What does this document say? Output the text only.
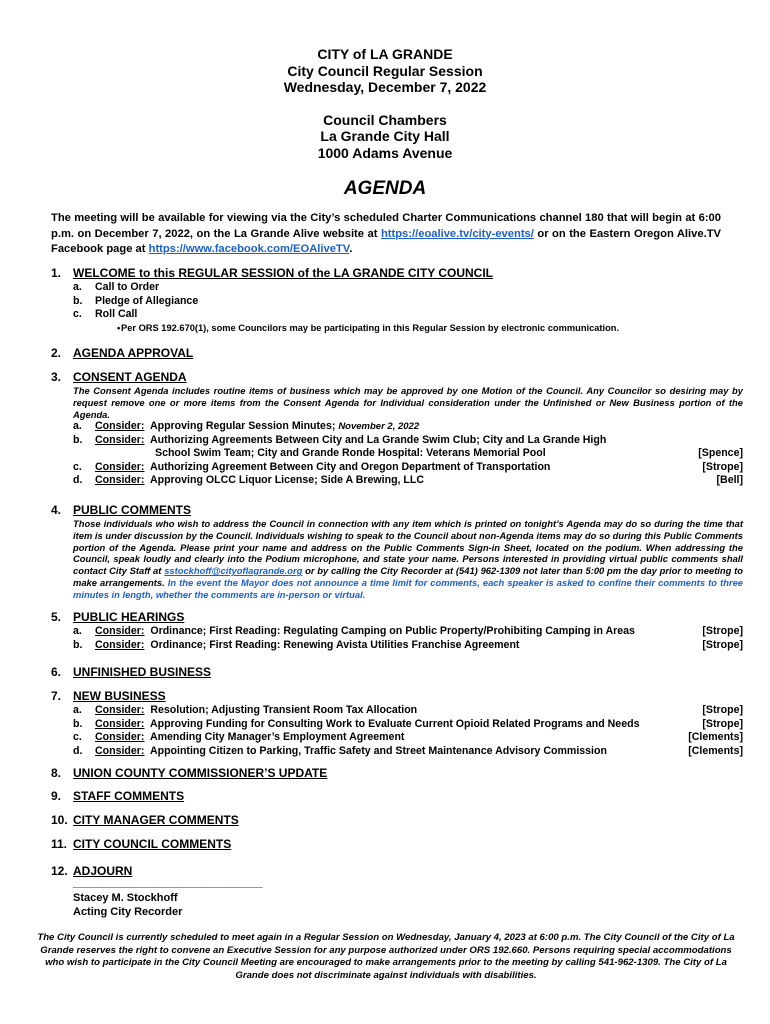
CITY of LA GRANDE
City Council Regular Session
Wednesday, December 7, 2022
Council Chambers
La Grande City Hall
1000 Adams Avenue
AGENDA
The meeting will be available for viewing via the City’s scheduled Charter Communications channel 180 that will begin at 6:00 p.m. on December 7, 2022, on the La Grande Alive website at https://eoalive.tv/city-events/ or on the Eastern Oregon Alive.TV Facebook page at https://www.facebook.com/EOAliveTV.
1. WELCOME to this REGULAR SESSION of the LA GRANDE CITY COUNCIL
a. Call to Order
b. Pledge of Allegiance
c. Roll Call
• Per ORS 192.670(1), some Councilors may be participating in this Regular Session by electronic communication.
2. AGENDA APPROVAL
3. CONSENT AGENDA
The Consent Agenda includes routine items of business which may be approved by one Motion of the Council. Any Councilor so desiring may by request remove one or more items from the Consent Agenda for Individual consideration under the Unfinished or New Business portion of the Agenda.
a. Consider: Approving Regular Session Minutes; November 2, 2022
b. Consider: Authorizing Agreements Between City and La Grande Swim Club; City and La Grande High
School Swim Team; City and Grande Ronde Hospital: Veterans Memorial Pool	[Spence]
c. Consider: Authorizing Agreement Between City and Oregon Department of Transportation	[Strope]
d. Consider: Approving OLCC Liquor License; Side A Brewing, LLC	[Bell]
4. PUBLIC COMMENTS
Those individuals who wish to address the Council in connection with any item which is printed on tonight’s Agenda may do so during the time that item is under discussion by the Council. Individuals wishing to speak to the Council about non-Agenda items may do so during this Public Comments portion of the Agenda. Please print your name and address on the Public Comments Sign-in Sheet, located on the podium. When addressing the Council, speak loudly and clearly into the Podium microphone, and state your name. Persons interested in providing virtual public comments shall contact City Staff at sstockhoff@cityoflagrande.org or by calling the City Recorder at (541) 962-1309 not later than 5:00 pm the day prior to meeting to make arrangements. In the event the Mayor does not announce a time limit for comments, each speaker is asked to confine their comments to three minutes in length, whether the comments are in-person or virtual.
5. PUBLIC HEARINGS
a. Consider: Ordinance; First Reading: Regulating Camping on Public Property/Prohibiting Camping in Areas	[Strope]
b. Consider: Ordinance; First Reading: Renewing Avista Utilities Franchise Agreement	[Strope]
6. UNFINISHED BUSINESS
7. NEW BUSINESS
a. Consider: Resolution; Adjusting Transient Room Tax Allocation	[Strope]
b. Consider: Approving Funding for Consulting Work to Evaluate Current Opioid Related Programs and Needs	[Strope]
c. Consider: Amending City Manager’s Employment Agreement	[Clements]
d. Consider: Appointing Citizen to Parking, Traffic Safety and Street Maintenance Advisory Commission	[Clements]
8. UNION COUNTY COMMISSIONER’S UPDATE
9. STAFF COMMENTS
10. CITY MANAGER COMMENTS
11. CITY COUNCIL COMMENTS
12. ADJOURN
_______________________________
Stacey M. Stockhoff
Acting City Recorder
The City Council is currently scheduled to meet again in a Regular Session on Wednesday, January 4, 2023 at 6:00 p.m. The City Council of the City of La Grande reserves the right to convene an Executive Session for any purpose authorized under ORS 192.660. Persons requiring special accommodations who wish to participate in the City Council Meeting are encouraged to make arrangements prior to the meeting by calling 541-962-1309. The City of La Grande does not discriminate against individuals with disabilities.
